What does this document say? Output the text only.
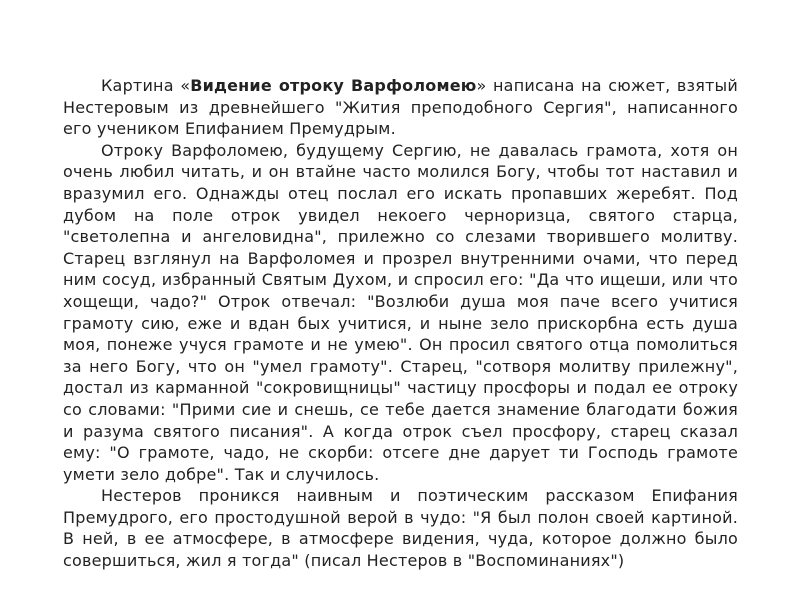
Картина «Видение отроку Варфоломею» написана на сюжет, взятый Нестеровым из древнейшего "Жития преподобного Сергия", написанного его учеником Епифанием Премудрым.

Отроку Варфоломею, будущему Сергию, не давалась грамота, хотя он очень любил читать, и он втайне часто молился Богу, чтобы тот наставил и вразумил его. Однажды отец послал его искать пропавших жеребят. Под дубом на поле отрок увидел некоего черноризца, святого старца, "светолепна и ангеловидна", прилежно со слезами творившего молитву. Старец взглянул на Варфоломея и прозрел внутренними очами, что перед ним сосуд, избранный Святым Духом, и спросил его: "Да что ищеши, или что хощещи, чадо?" Отрок отвечал: "Возлюби душа моя паче всего учитися грамоту сию, еже и вдан бых учитися, и ныне зело прискорбна есть душа моя, понеже учуся грамоте и не умею". Он просил святого отца помолиться за него Богу, что он "умел грамоту". Старец, "сотворя молитву прилежну", достал из карманной "сокровищницы" частицу просфоры и подал ее отроку со словами: "Прими сие и снешь, се тебе дается знамение благодати божия и разума святого писания". А когда отрок съел просфору, старец сказал ему: "О грамоте, чадо, не скорби: отсеге дне дарует ти Господь грамоте умети зело добре". Так и случилось.

Нестеров проникся наивным и поэтическим рассказом Епифания Премудрого, его простодушной верой в чудо: "Я был полон своей картиной. В ней, в ее атмосфере, в атмосфере видения, чуда, которое должно было совершиться, жил я тогда" (писал Нестеров в "Воспоминаниях")
